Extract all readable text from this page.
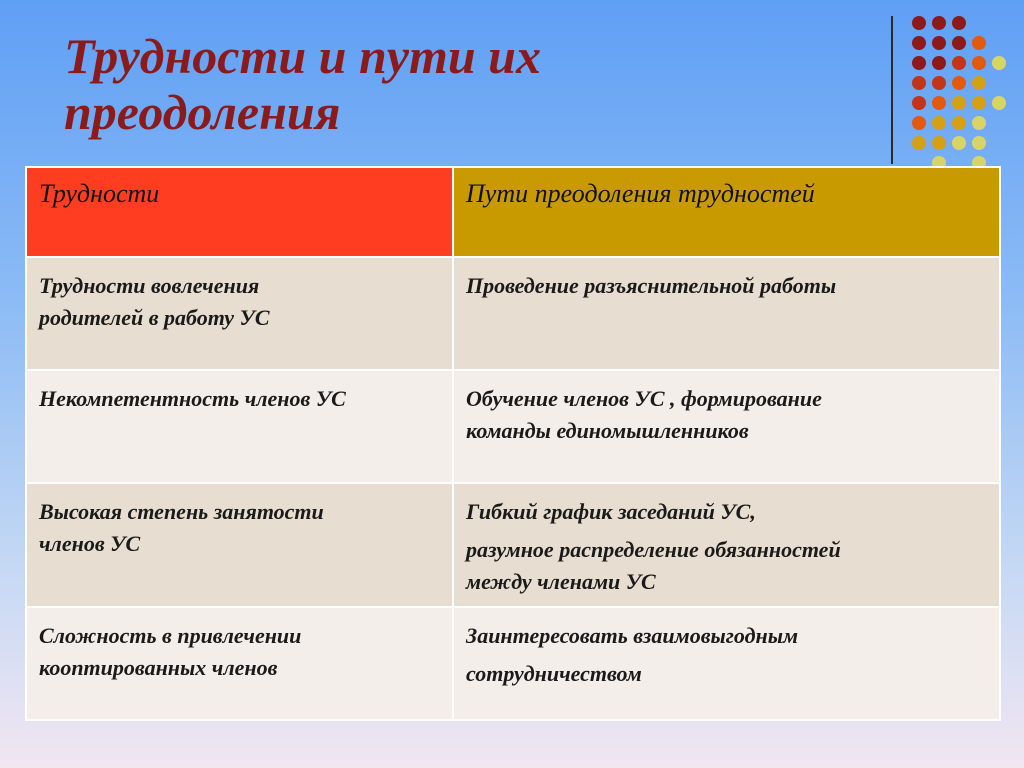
Трудности и пути их
преодоления
Трудности	Пути преодоления трудностей

Трудности вовлечения
родителей в работу УС	Проведение разъяснительной работы

Некомпетентность членов УС	Обучение членов УС , формирование
команды единомышленников

Высокая степень занятости
членов УС	Гибкий график заседаний УС,
разумное распределение обязанностей
между членами УС

Сложность в привлечении
кооптированных членов	Заинтересовать взаимовыгодным
сотрудничеством
